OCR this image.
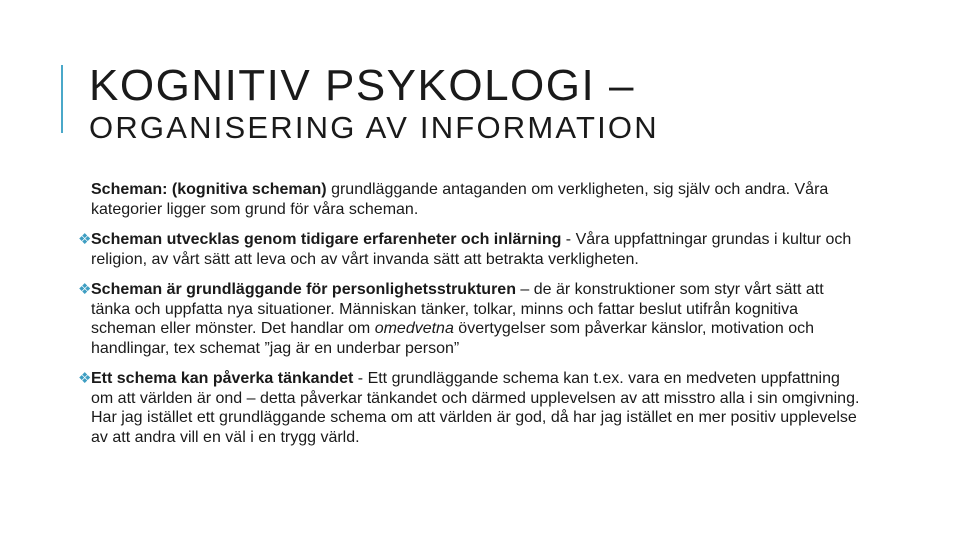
KOGNITIV PSYKOLOGI –
ORGANISERING AV INFORMATION

Scheman: (kognitiva scheman) grundläggande antaganden om verkligheten, sig själv och andra. Våra kategorier ligger som grund för våra scheman.

❖ Scheman utvecklas genom tidigare erfarenheter och inlärning - Våra uppfattningar grundas i kultur och religion, av vårt sätt att leva och av vårt invanda sätt att betrakta verkligheten.

❖ Scheman är grundläggande för personlighetsstrukturen – de är konstruktioner som styr vårt sätt att tänka och uppfatta nya situationer. Människan tänker, tolkar, minns och fattar beslut utifrån kognitiva scheman eller mönster. Det handlar om omedvetna övertygelser som påverkar känslor, motivation och handlingar, tex schemat ”jag är en underbar person”

❖ Ett schema kan påverka tänkandet - Ett grundläggande schema kan t.ex. vara en medveten uppfattning om att världen är ond – detta påverkar tänkandet och därmed upplevelsen av att misstro alla i sin omgivning. Har jag istället ett grundläggande schema om att världen är god, då har jag istället en mer positiv upplevelse av att andra vill en väl i en trygg värld.
